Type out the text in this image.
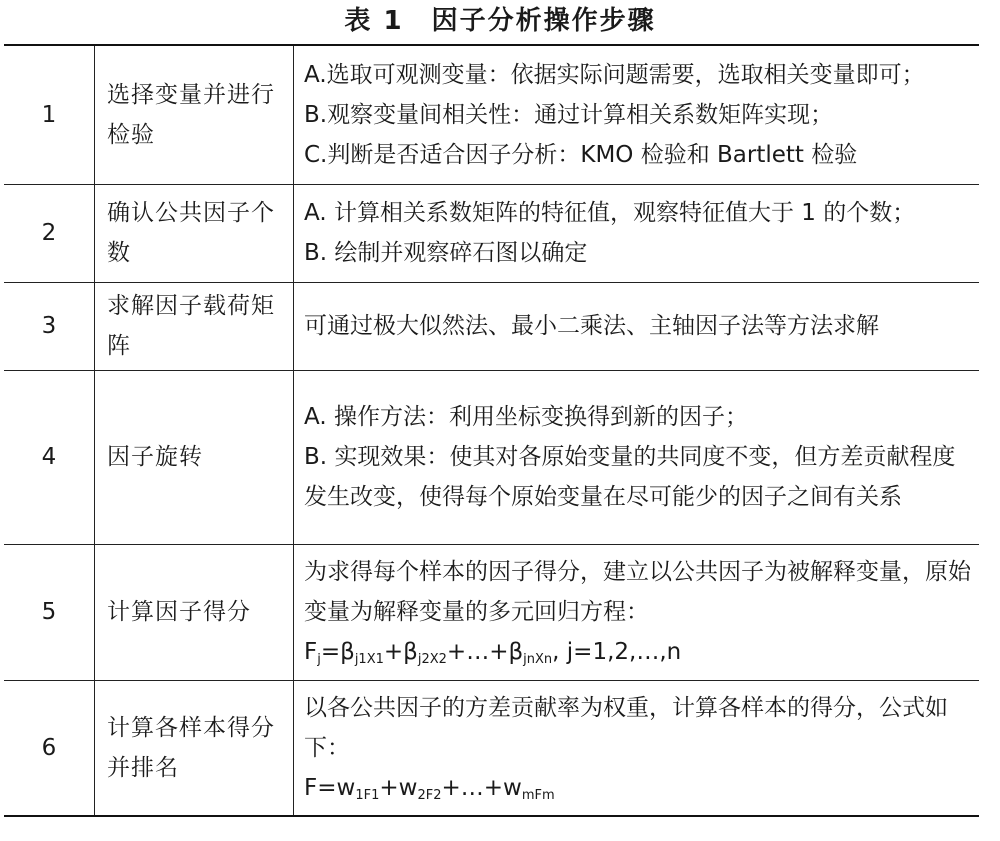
表 1　因子分析操作步骤
1	选择变量并进行检验	A.选取可观测变量：依据实际问题需要，选取相关变量即可；
B.观察变量间相关性：通过计算相关系数矩阵实现；
C.判断是否适合因子分析：KMO 检验和 Bartlett 检验

2	确认公共因子个数	A. 计算相关系数矩阵的特征值，观察特征值大于 1 的个数；
B. 绘制并观察碎石图以确定

3	求解因子载荷矩阵	可通过极大似然法、最小二乘法、主轴因子法等方法求解

4	因子旋转	A. 操作方法：利用坐标变换得到新的因子；
B. 实现效果：使其对各原始变量的共同度不变，但方差贡献程度发生改变，使得每个原始变量在尽可能少的因子之间有关系

5	计算因子得分	为求得每个样本的因子得分，建立以公共因子为被解释变量，原始变量为解释变量的多元回归方程：
$F_j=\beta_{j1X1}+\beta_{j2X2}+\dots+\beta_{jnXn}$, j=1,2,…,n

6	计算各样本得分并排名	以各公共因子的方差贡献率为权重，计算各样本的得分，公式如下：
$F=w_{1F1}+w_{2F2}+\dots+w_{mFm}$
